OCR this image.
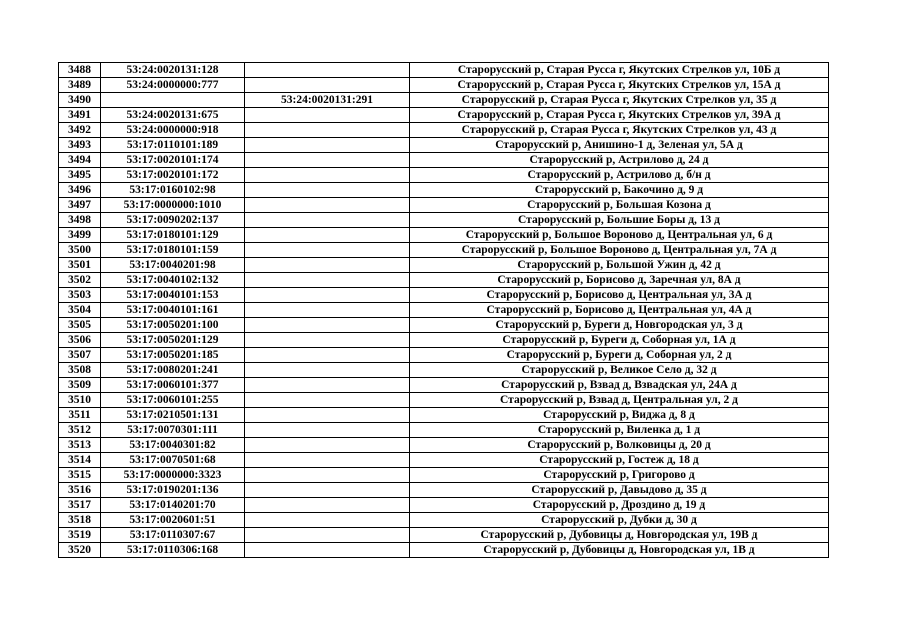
3488	53:24:0020131:128		Старорусский р, Старая Русса г, Якутских Стрелков ул, 10Б д
3489	53:24:0000000:777		Старорусский р, Старая Русса г, Якутских Стрелков ул, 15А д
3490		53:24:0020131:291	Старорусский р, Старая Русса г, Якутских Стрелков ул, 35 д
3491	53:24:0020131:675		Старорусский р, Старая Русса г, Якутских Стрелков ул, 39А д
3492	53:24:0000000:918		Старорусский р, Старая Русса г, Якутских Стрелков ул, 43 д
3493	53:17:0110101:189		Старорусский р, Анишино-1 д, Зеленая ул, 5А д
3494	53:17:0020101:174		Старорусский р, Астрилово д, 24 д
3495	53:17:0020101:172		Старорусский р, Астрилово д, б/н д
3496	53:17:0160102:98		Старорусский р, Бакочино д, 9 д
3497	53:17:0000000:1010		Старорусский р, Большая Козона д
3498	53:17:0090202:137		Старорусский р, Большие Боры д, 13 д
3499	53:17:0180101:129		Старорусский р, Большое Вороново д, Центральная ул, 6 д
3500	53:17:0180101:159		Старорусский р, Большое Вороново д, Центральная ул, 7А д
3501	53:17:0040201:98		Старорусский р, Большой Ужин д, 42 д
3502	53:17:0040102:132		Старорусский р, Борисово д, Заречная ул, 8А д
3503	53:17:0040101:153		Старорусский р, Борисово д, Центральная ул, 3А д
3504	53:17:0040101:161		Старорусский р, Борисово д, Центральная ул, 4А д
3505	53:17:0050201:100		Старорусский р, Буреги д, Новгородская ул, 3 д
3506	53:17:0050201:129		Старорусский р, Буреги д, Соборная ул, 1А д
3507	53:17:0050201:185		Старорусский р, Буреги д, Соборная ул, 2 д
3508	53:17:0080201:241		Старорусский р, Великое Село д, 32 д
3509	53:17:0060101:377		Старорусский р, Взвад д, Взвадская ул, 24А д
3510	53:17:0060101:255		Старорусский р, Взвад д, Центральная ул, 2 д
3511	53:17:0210501:131		Старорусский р, Виджа д, 8 д
3512	53:17:0070301:111		Старорусский р, Виленка д, 1 д
3513	53:17:0040301:82		Старорусский р, Волковицы д, 20 д
3514	53:17:0070501:68		Старорусский р, Гостеж д, 18 д
3515	53:17:0000000:3323		Старорусский р, Григорово д
3516	53:17:0190201:136		Старорусский р, Давыдово д, 35 д
3517	53:17:0140201:70		Старорусский р, Дроздино д, 19 д
3518	53:17:0020601:51		Старорусский р, Дубки д, 30 д
3519	53:17:0110307:67		Старорусский р, Дубовицы д, Новгородская ул, 19В д
3520	53:17:0110306:168		Старорусский р, Дубовицы д, Новгородская ул, 1В д
